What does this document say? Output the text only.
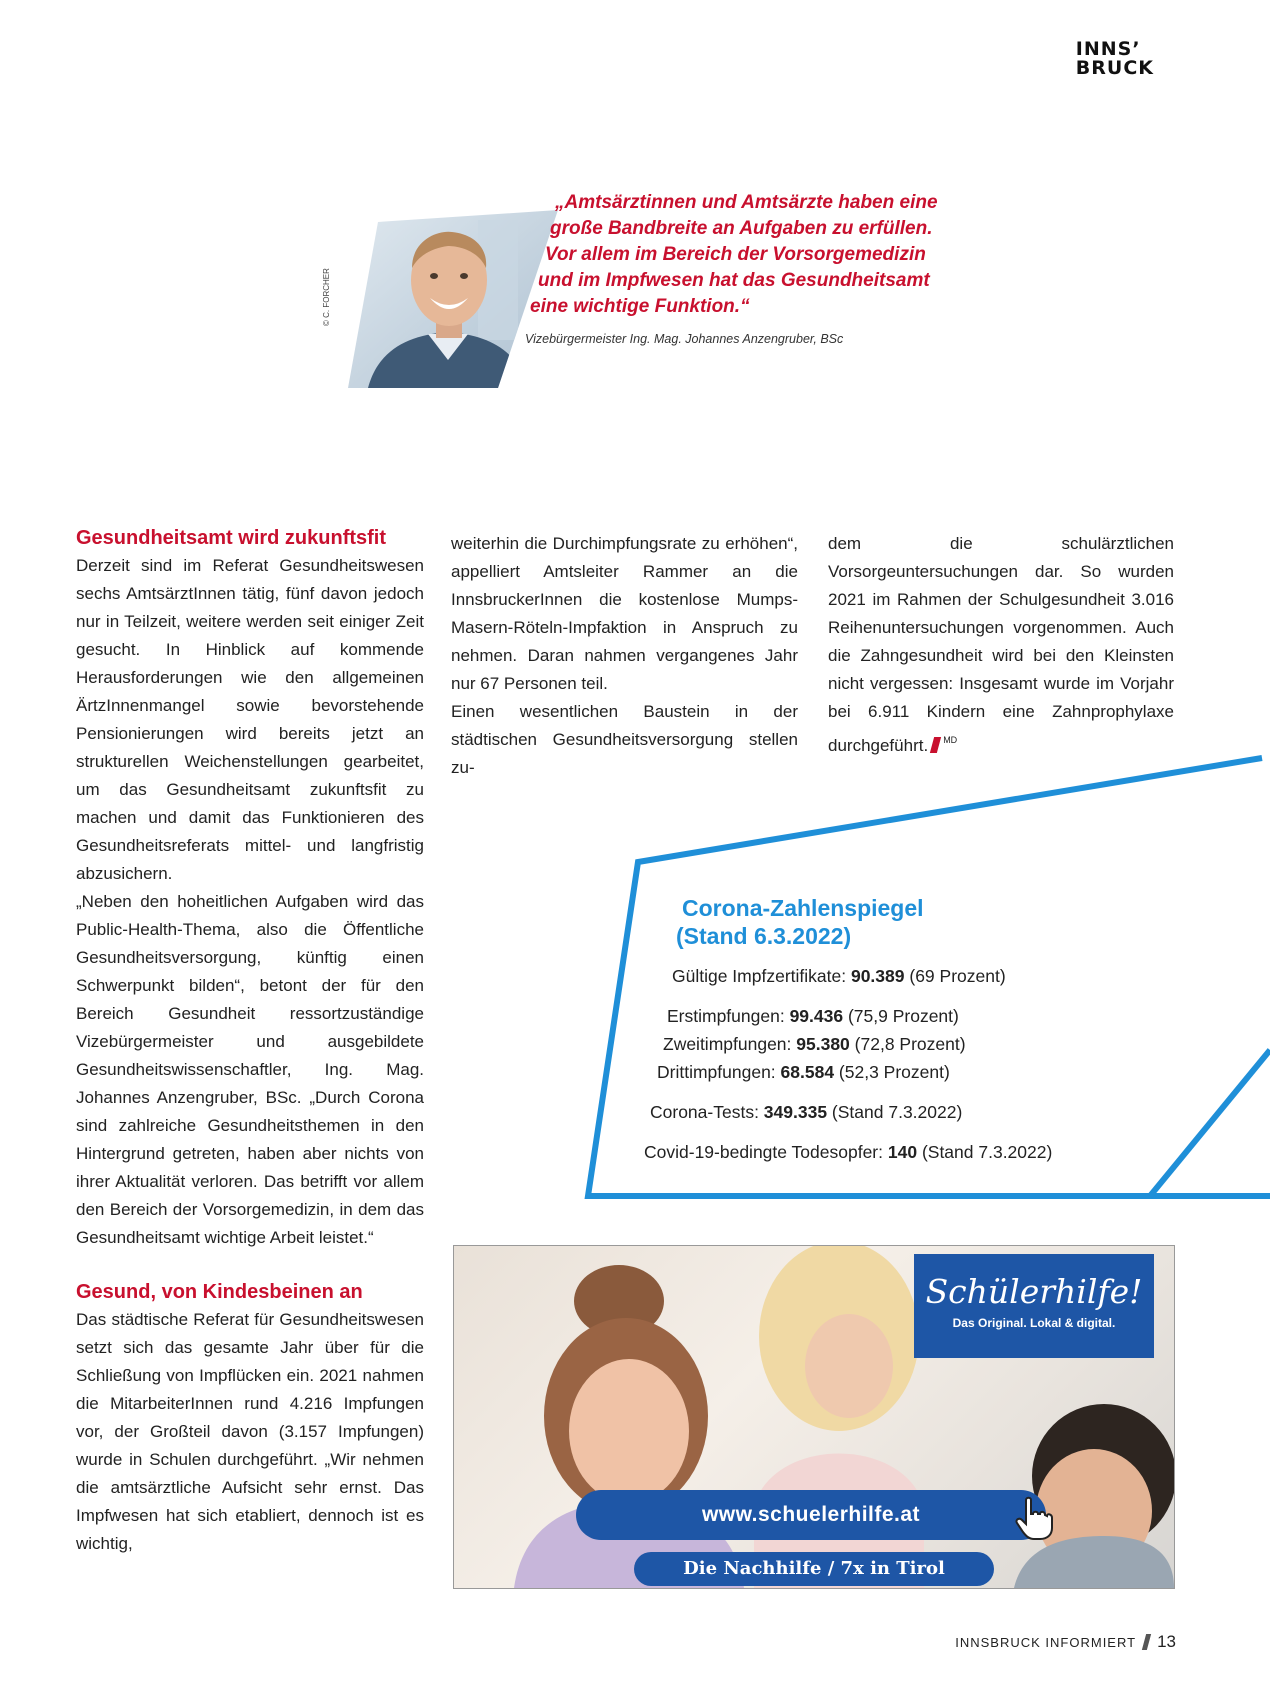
INNS’
BRUCK
© C. FORCHER
„Amtsärztinnen und Amtsärzte haben eine
große Bandbreite an Aufgaben zu erfüllen.
Vor allem im Bereich der Vorsorgemedizin
und im Impfwesen hat das Gesundheitsamt
eine wichtige Funktion.“
Vizebürgermeister Ing. Mag. Johannes Anzengruber, BSc
Gesundheitsamt wird zukunftsfit

Derzeit sind im Referat Gesundheitswesen sechs AmtsärztInnen tätig, fünf davon jedoch nur in Teilzeit, weitere werden seit einiger Zeit gesucht. In Hinblick auf kommende Herausforderungen wie den allgemeinen ÄrtzInnenmangel sowie bevorstehende Pensionierungen wird bereits jetzt an strukturellen Weichenstellungen gearbeitet, um das Gesundheitsamt zukunftsfit zu machen und damit das Funktionieren des Gesundheitsreferats mittel- und langfristig abzusichern.

„Neben den hoheitlichen Aufgaben wird das Public-Health-Thema, also die Öffentliche Gesundheitsversorgung, künftig einen Schwerpunkt bilden“, betont der für den Bereich Gesundheit ressortzuständige Vizebürgermeister und ausgebildete Gesundheitswissenschaftler, Ing. Mag. Johannes Anzengruber, BSc. „Durch Corona sind zahlreiche Gesundheitsthemen in den Hintergrund getreten, haben aber nichts von ihrer Aktualität verloren. Das betrifft vor allem den Bereich der Vorsorgemedizin, in dem das Gesundheitsamt wichtige Arbeit leistet.“

Gesund, von Kindesbeinen an

Das städtische Referat für Gesundheitswesen setzt sich das gesamte Jahr über für die Schließung von Impflücken ein. 2021 nahmen die MitarbeiterInnen rund 4.216 Impfungen vor, der Großteil davon (3.157 Impfungen) wurde in Schulen durchgeführt. „Wir nehmen die amtsärztliche Aufsicht sehr ernst. Das Impfwesen hat sich etabliert, dennoch ist es wichtig,

weiterhin die Durchimpfungsrate zu erhöhen“, appelliert Amtsleiter Rammer an die InnsbruckerInnen die kostenlose Mumps-Masern-Röteln-Impfaktion in Anspruch zu nehmen. Daran nahmen vergangenes Jahr nur 67 Personen teil.

Einen wesentlichen Baustein in der städtischen Gesundheitsversorgung stellen zu-

dem die schulärztlichen Vorsorgeuntersuchungen dar. So wurden 2021 im Rahmen der Schulgesundheit 3.016 Reihenuntersuchungen vorgenommen. Auch die Zahngesundheit wird bei den Kleinsten nicht vergessen: Insgesamt wurde im Vorjahr bei 6.911 Kindern eine Zahnprophylaxe durchgeführt. $^{MD}$

Corona-Zahlenspiegel
(Stand 6.3.2022)
Gültige Impfzertifikate: 90.389 (69 Prozent)
Erstimpfungen: 99.436 (75,9 Prozent)
Zweitimpfungen: 95.380 (72,8 Prozent)
Drittimpfungen: 68.584 (52,3 Prozent)
Corona-Tests: 349.335 (Stand 7.3.2022)
Covid-19-bedingte Todesopfer: 140 (Stand 7.3.2022)
Schülerhilfe!
Das Original. Lokal & digital.
www.schuelerhilfe.at
Die Nachhilfe / 7x in Tirol
INNSBRUCK INFORMIERT 13
